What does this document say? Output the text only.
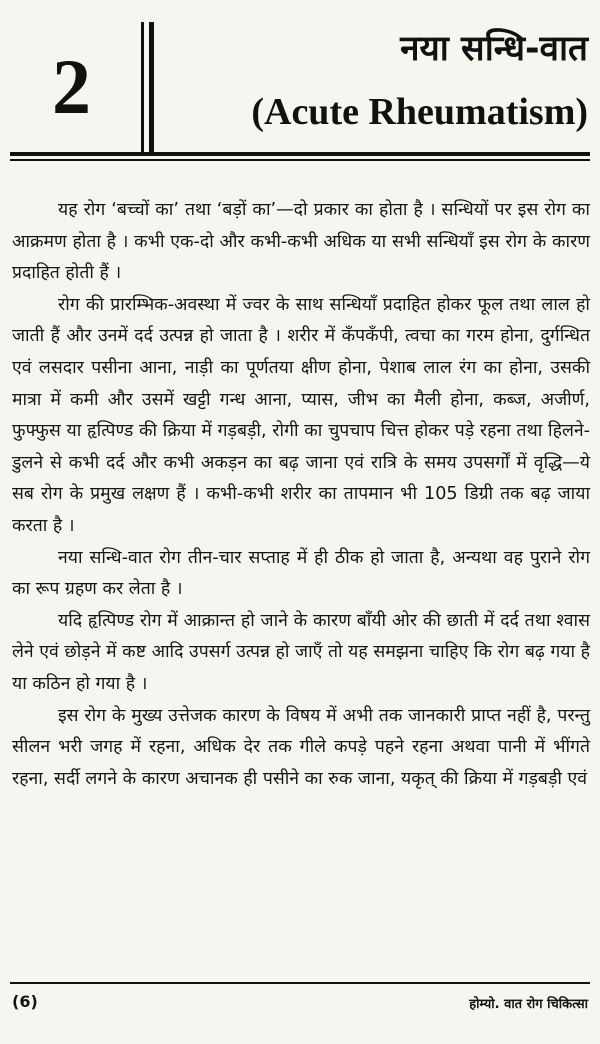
2	नया सन्धि-वात
(Acute Rheumatism)

यह रोग ‘बच्चों का’ तथा ‘बड़ों का’—दो प्रकार का होता है । सन्धियों पर इस रोग का आक्रमण होता है । कभी एक-दो और कभी-कभी अधिक या सभी सन्धियाँ इस रोग के कारण प्रदाहित होती हैं ।

रोग की प्रारम्भिक-अवस्था में ज्वर के साथ सन्धियाँ प्रदाहित होकर फूल तथा लाल हो जाती हैं और उनमें दर्द उत्पन्न हो जाता है । शरीर में कँपकँपी, त्वचा का गरम होना, दुर्गन्धित एवं लसदार पसीना आना, नाड़ी का पूर्णतया क्षीण होना, पेशाब लाल रंग का होना, उसकी मात्रा में कमी और उसमें खट्टी गन्ध आना, प्यास, जीभ का मैली होना, कब्ज, अजीर्ण, फुफ्फुस या हृत्पिण्ड की क्रिया में गड़बड़ी, रोगी का चुपचाप चित्त होकर पड़े रहना तथा हिलने-डुलने से कभी दर्द और कभी अकड़न का बढ़ जाना एवं रात्रि के समय उपसर्गों में वृद्धि—ये सब रोग के प्रमुख लक्षण हैं । कभी-कभी शरीर का तापमान भी 105 डिग्री तक बढ़ जाया करता है ।

नया सन्धि-वात रोग तीन-चार सप्ताह में ही ठीक हो जाता है, अन्यथा वह पुराने रोग का रूप ग्रहण कर लेता है ।

यदि हृत्पिण्ड रोग में आक्रान्त हो जाने के कारण बाँयी ओर की छाती में दर्द तथा श्वास लेने एवं छोड़ने में कष्ट आदि उपसर्ग उत्पन्न हो जाएँ तो यह समझना चाहिए कि रोग बढ़ गया है या कठिन हो गया है ।

इस रोग के मुख्य उत्तेजक कारण के विषय में अभी तक जानकारी प्राप्त नहीं है, परन्तु सीलन भरी जगह में रहना, अधिक देर तक गीले कपड़े पहने रहना अथवा पानी में भींगते रहना, सर्दी लगने के कारण अचानक ही पसीने का रुक जाना, यकृत् की क्रिया में गड़बड़ी एवं

(6)	होम्यो. वात रोग चिकित्सा
